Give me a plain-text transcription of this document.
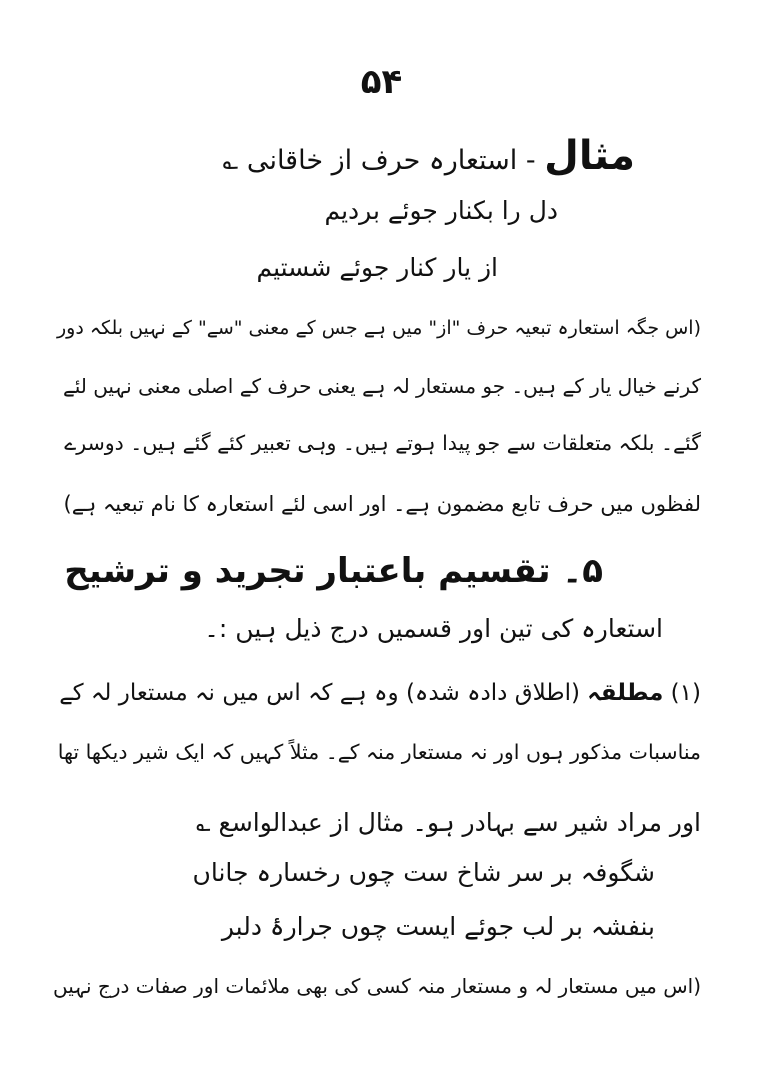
۵۴
مثال - استعارہ حرف از خاقانی ؎
دل را بکنار جوئے بردیم
از یار کنار جوئے شستیم
(اس جگہ استعارہ تبعیہ حرف "از" میں ہے جس کے معنی "سے" کے نہیں بلکہ دور
کرنے خیال یار کے ہیں۔ جو مستعار لہ ہے یعنی حرف کے اصلی معنی نہیں لئے
گئے۔ بلکہ متعلقات سے جو پیدا ہوتے ہیں۔ وہی تعبیر کئے گئے ہیں۔ دوسرے
لفظوں میں حرف تابع مضمون ہے۔ اور اسی لئے استعارہ کا نام تبعیہ ہے)
۵۔ تقسیم باعتبار تجرید و ترشیح
استعارہ کی تین اور قسمیں درج ذیل ہیں :۔
(۱) مطلقہ (اطلاق دادہ شدہ) وہ ہے کہ اس میں نہ مستعار لہ کے
مناسبات مذکور ہوں اور نہ مستعار منہ کے۔ مثلاً کہیں کہ ایک شیر دیکھا تھا
اور مراد شیر سے بہادر ہو۔ مثال از عبدالواسع ؎
شگوفہ بر سر شاخ ست چوں رخسارہ جاناں
بنفشہ بر لب جوئے ایست چوں جرارۂ دلبر
(اس میں مستعار لہ و مستعار منہ کسی کی بھی ملائمات اور صفات درج نہیں
